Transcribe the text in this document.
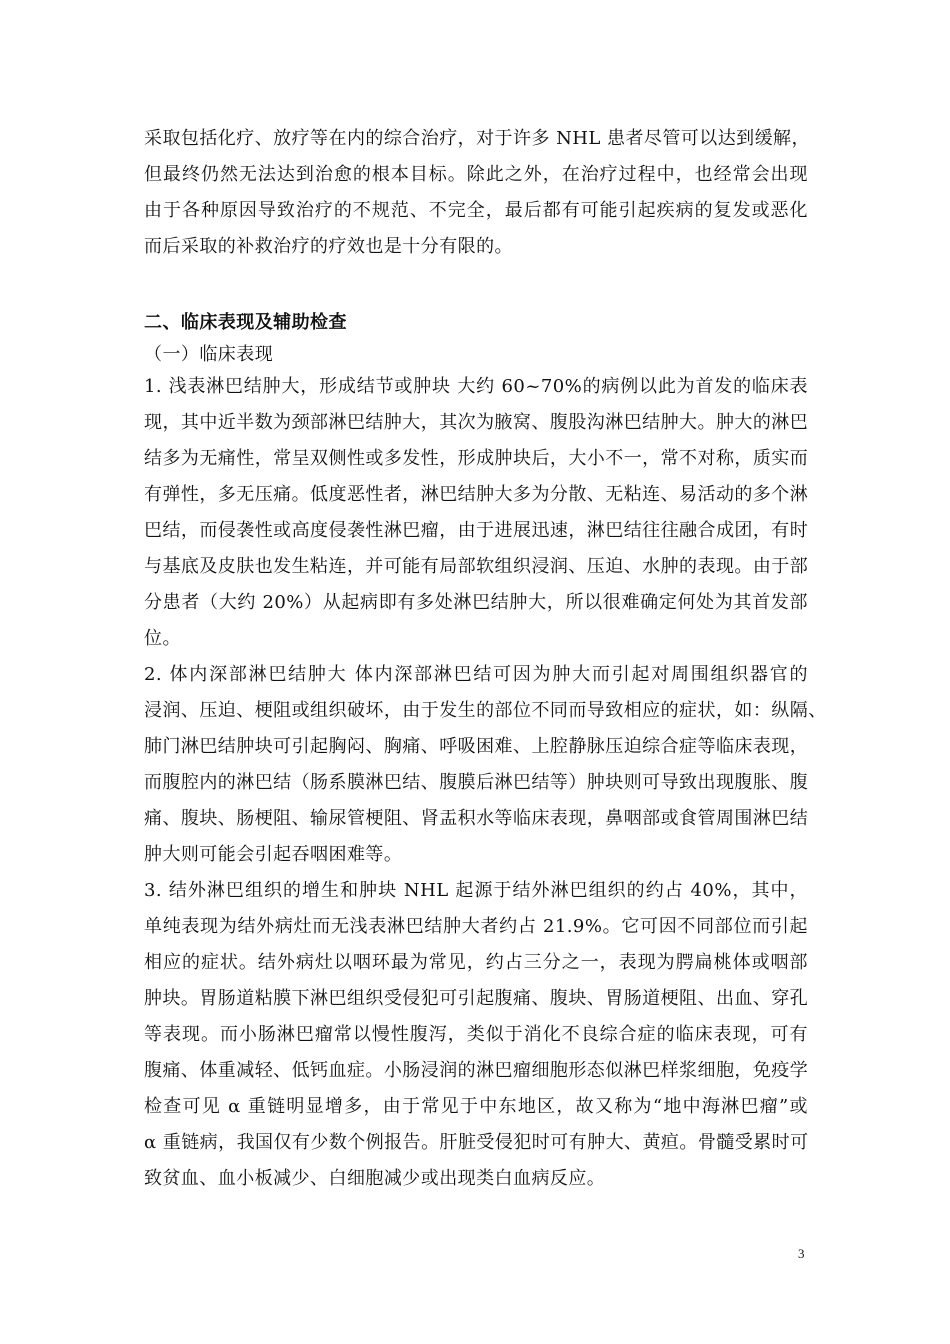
采取包括化疗、放疗等在内的综合治疗，对于许多 NHL 患者尽管可以达到缓解，
但最终仍然无法达到治愈的根本目标。除此之外，在治疗过程中，也经常会出现
由于各种原因导致治疗的不规范、不完全，最后都有可能引起疾病的复发或恶化
而后采取的补救治疗的疗效也是十分有限的。
二、临床表现及辅助检查
（一）临床表现
1. 浅表淋巴结肿大，形成结节或肿块 大约 60~70%的病例以此为首发的临床表
现，其中近半数为颈部淋巴结肿大，其次为腋窝、腹股沟淋巴结肿大。肿大的淋巴
结多为无痛性，常呈双侧性或多发性，形成肿块后，大小不一，常不对称，质实而
有弹性，多无压痛。低度恶性者，淋巴结肿大多为分散、无粘连、易活动的多个淋
巴结，而侵袭性或高度侵袭性淋巴瘤，由于进展迅速，淋巴结往往融合成团，有时
与基底及皮肤也发生粘连，并可能有局部软组织浸润、压迫、水肿的表现。由于部
分患者（大约 20%）从起病即有多处淋巴结肿大，所以很难确定何处为其首发部
位。
2. 体内深部淋巴结肿大 体内深部淋巴结可因为肿大而引起对周围组织器官的
浸润、压迫、梗阻或组织破坏，由于发生的部位不同而导致相应的症状，如：纵隔、
肺门淋巴结肿块可引起胸闷、胸痛、呼吸困难、上腔静脉压迫综合症等临床表现，
而腹腔内的淋巴结（肠系膜淋巴结、腹膜后淋巴结等）肿块则可导致出现腹胀、腹
痛、腹块、肠梗阻、输尿管梗阻、肾盂积水等临床表现，鼻咽部或食管周围淋巴结
肿大则可能会引起吞咽困难等。
3. 结外淋巴组织的增生和肿块 NHL 起源于结外淋巴组织的约占 40%，其中，
单纯表现为结外病灶而无浅表淋巴结肿大者约占 21.9%。它可因不同部位而引起
相应的症状。结外病灶以咽环最为常见，约占三分之一，表现为腭扁桃体或咽部
肿块。胃肠道粘膜下淋巴组织受侵犯可引起腹痛、腹块、胃肠道梗阻、出血、穿孔
等表现。而小肠淋巴瘤常以慢性腹泻，类似于消化不良综合症的临床表现，可有
腹痛、体重减轻、低钙血症。小肠浸润的淋巴瘤细胞形态似淋巴样浆细胞，免疫学
检查可见 α 重链明显增多，由于常见于中东地区，故又称为“地中海淋巴瘤”或
α 重链病，我国仅有少数个例报告。肝脏受侵犯时可有肿大、黄疸。骨髓受累时可
致贫血、血小板减少、白细胞减少或出现类白血病反应。
3
